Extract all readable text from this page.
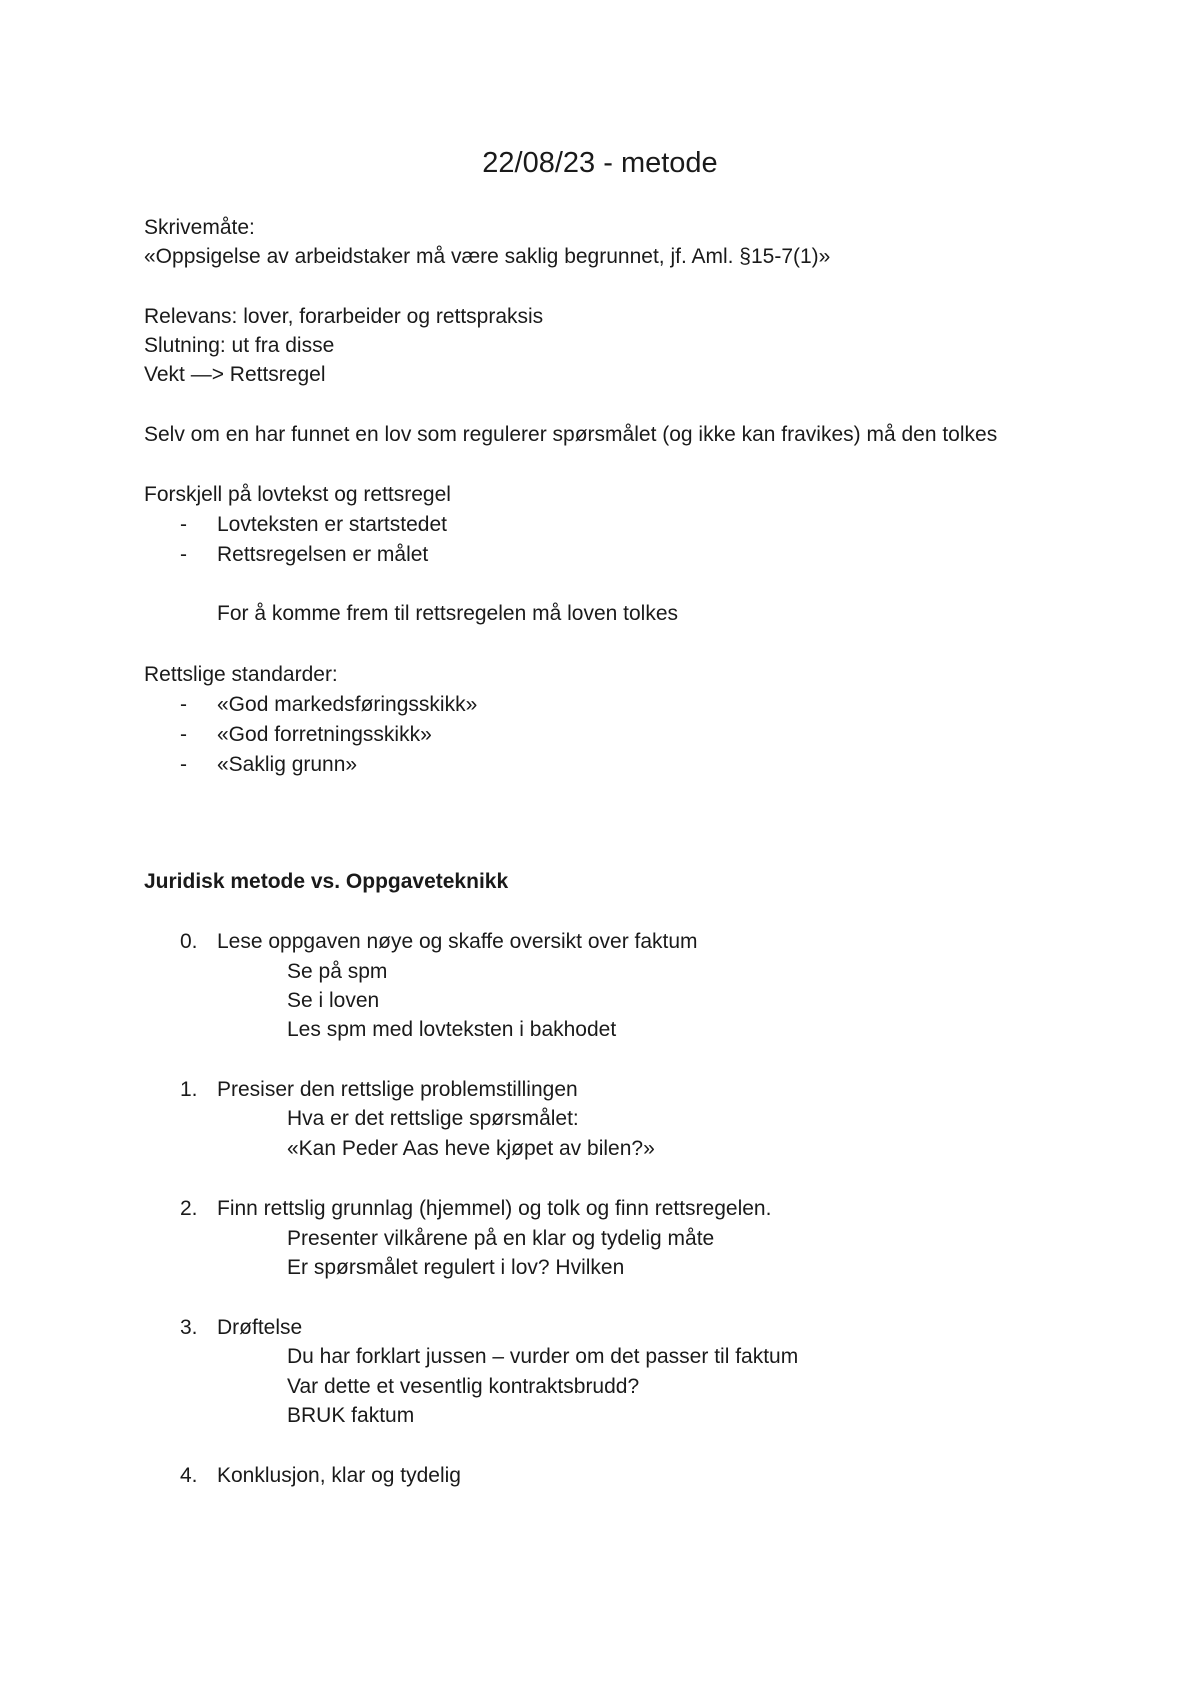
22/08/23 - metode
Skrivemåte:
«Oppsigelse av arbeidstaker må være saklig begrunnet, jf. Aml. §15-7(1)»
Relevans: lover, forarbeider og rettspraksis
Slutning: ut fra disse
Vekt —> Rettsregel
Selv om en har funnet en lov som regulerer spørsmålet (og ikke kan fravikes) må den tolkes
Forskjell på lovtekst og rettsregel
- Lovteksten er startstedet
- Rettsregelsen er målet
For å komme frem til rettsregelen må loven tolkes
Rettslige standarder:
- «God markedsføringsskikk»
- «God forretningsskikk»
- «Saklig grunn»
Juridisk metode vs. Oppgaveteknikk
0. Lese oppgaven nøye og skaffe oversikt over faktum
Se på spm
Se i loven
Les spm med lovteksten i bakhodet
1. Presiser den rettslige problemstillingen
Hva er det rettslige spørsmålet:
«Kan Peder Aas heve kjøpet av bilen?»
2. Finn rettslig grunnlag (hjemmel) og tolk og finn rettsregelen.
Presenter vilkårene på en klar og tydelig måte
Er spørsmålet regulert i lov? Hvilken
3. Drøftelse
Du har forklart jussen – vurder om det passer til faktum
Var dette et vesentlig kontraktsbrudd?
BRUK faktum
4. Konklusjon, klar og tydelig
